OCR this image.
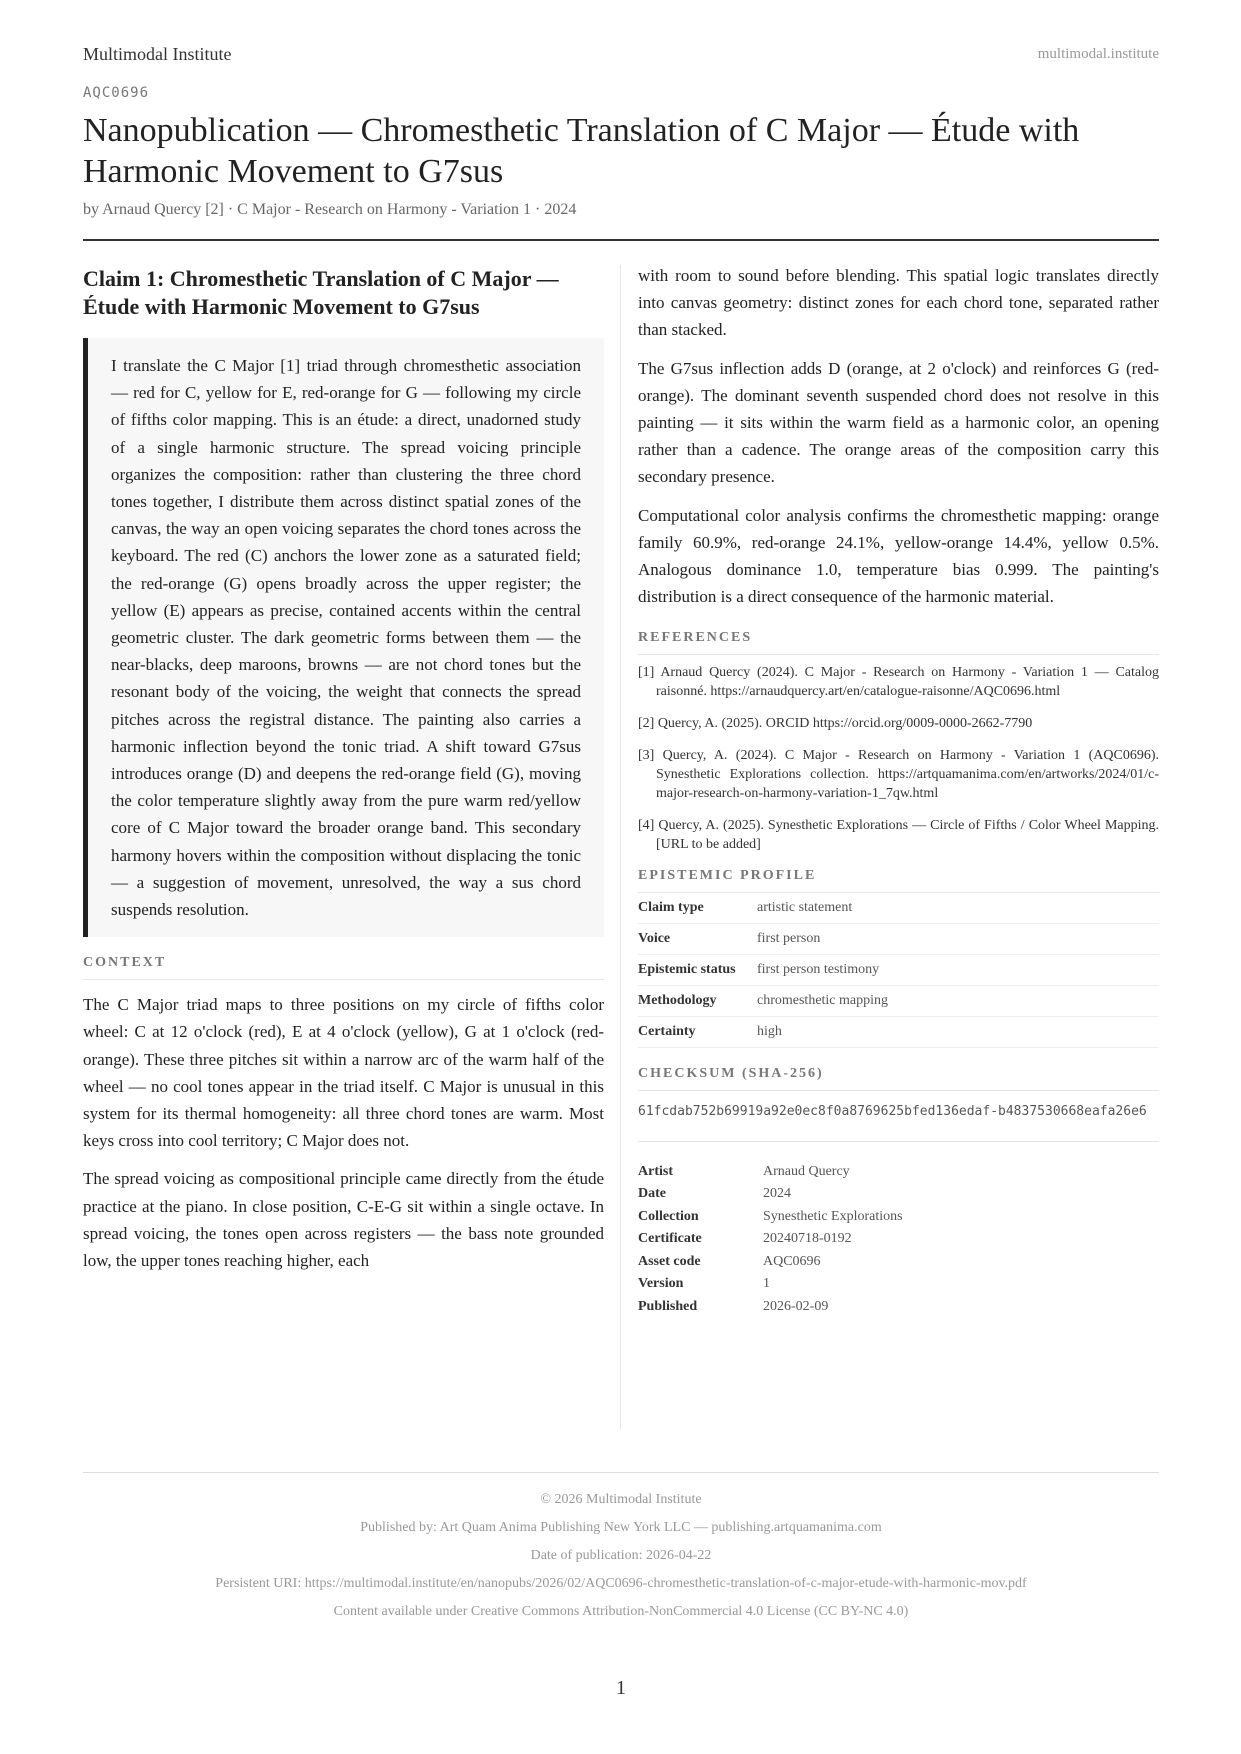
Multimodal Institute	multimodal.institute
AQC0696
Nanopublication — Chromesthetic Translation of C Major — Étude with Harmonic Movement to G7sus
by Arnaud Quercy [2] · C Major - Research on Harmony - Variation 1 · 2024
Claim 1: Chromesthetic Translation of C Major — Étude with Harmonic Movement to G7sus
I translate the C Major [1] triad through chromesthetic association — red for C, yellow for E, red-orange for G — following my circle of fifths color mapping. This is an étude: a direct, unadorned study of a single harmonic structure. The spread voicing principle organizes the composition: rather than clustering the three chord tones together, I distribute them across distinct spatial zones of the canvas, the way an open voicing separates the chord tones across the keyboard. The red (C) anchors the lower zone as a saturated field; the red-orange (G) opens broadly across the upper register; the yellow (E) appears as precise, contained accents within the central geometric cluster. The dark geometric forms between them — the near-blacks, deep maroons, browns — are not chord tones but the resonant body of the voicing, the weight that connects the spread pitches across the registral distance. The painting also carries a harmonic inflection beyond the tonic triad. A shift toward G7sus introduces orange (D) and deepens the red-orange field (G), moving the color temperature slightly away from the pure warm red/yellow core of C Major toward the broader orange band. This secondary harmony hovers within the composition without displacing the tonic — a suggestion of movement, unresolved, the way a sus chord suspends resolution.
CONTEXT

The C Major triad maps to three positions on my circle of fifths color wheel: C at 12 o'clock (red), E at 4 o'clock (yellow), G at 1 o'clock (red-orange). These three pitches sit within a narrow arc of the warm half of the wheel — no cool tones appear in the triad itself. C Major is unusual in this system for its thermal homogeneity: all three chord tones are warm. Most keys cross into cool territory; C Major does not.

The spread voicing as compositional principle came directly from the étude practice at the piano. In close position, C-E-G sit within a single octave. In spread voicing, the tones open across registers — the bass note grounded low, the upper tones reaching higher, each

with room to sound before blending. This spatial logic translates directly into canvas geometry: distinct zones for each chord tone, separated rather than stacked.

The G7sus inflection adds D (orange, at 2 o'clock) and reinforces G (red-orange). The dominant seventh suspended chord does not resolve in this painting — it sits within the warm field as a harmonic color, an opening rather than a cadence. The orange areas of the composition carry this secondary presence.

Computational color analysis confirms the chromesthetic mapping: orange family 60.9%, red-orange 24.1%, yellow-orange 14.4%, yellow 0.5%. Analogous dominance 1.0, temperature bias 0.999. The painting's distribution is a direct consequence of the harmonic material.

REFERENCES
[1] Arnaud Quercy (2024). C Major - Research on Harmony - Variation 1 — Catalog raisonné. https://arnaudquercy.art/en/catalogue-raisonne/AQC0696.html
[2] Quercy, A. (2025). ORCID https://orcid.org/0009-0000-2662-7790
[3] Quercy, A. (2024). C Major - Research on Harmony - Variation 1 (AQC0696). Synesthetic Explorations collection. https://artquamanima.com/en/artworks/2024/01/c-major-research-on-harmony-variation-1_7qw.html
[4] Quercy, A. (2025). Synesthetic Explorations — Circle of Fifths / Color Wheel Mapping. [URL to be added]
EPISTEMIC PROFILE
Claim type	artistic statement
Voice	first person
Epistemic status	first person testimony
Methodology	chromesthetic mapping
Certainty	high
CHECKSUM (SHA-256)
61fcdab752b69919a92e0ec8f0a8769625bfed136edaf-b4837530668eafa26e6
Artist	Arnaud Quercy
Date	2024
Collection	Synesthetic Explorations
Certificate	20240718-0192
Asset code	AQC0696
Version	1
Published	2026-02-09
© 2026 Multimodal Institute
Published by: Art Quam Anima Publishing New York LLC — publishing.artquamanima.com
Date of publication: 2026-04-22
Persistent URI: https://multimodal.institute/en/nanopubs/2026/02/AQC0696-chromesthetic-translation-of-c-major-etude-with-harmonic-mov.pdf
Content available under Creative Commons Attribution-NonCommercial 4.0 License (CC BY-NC 4.0)
1
